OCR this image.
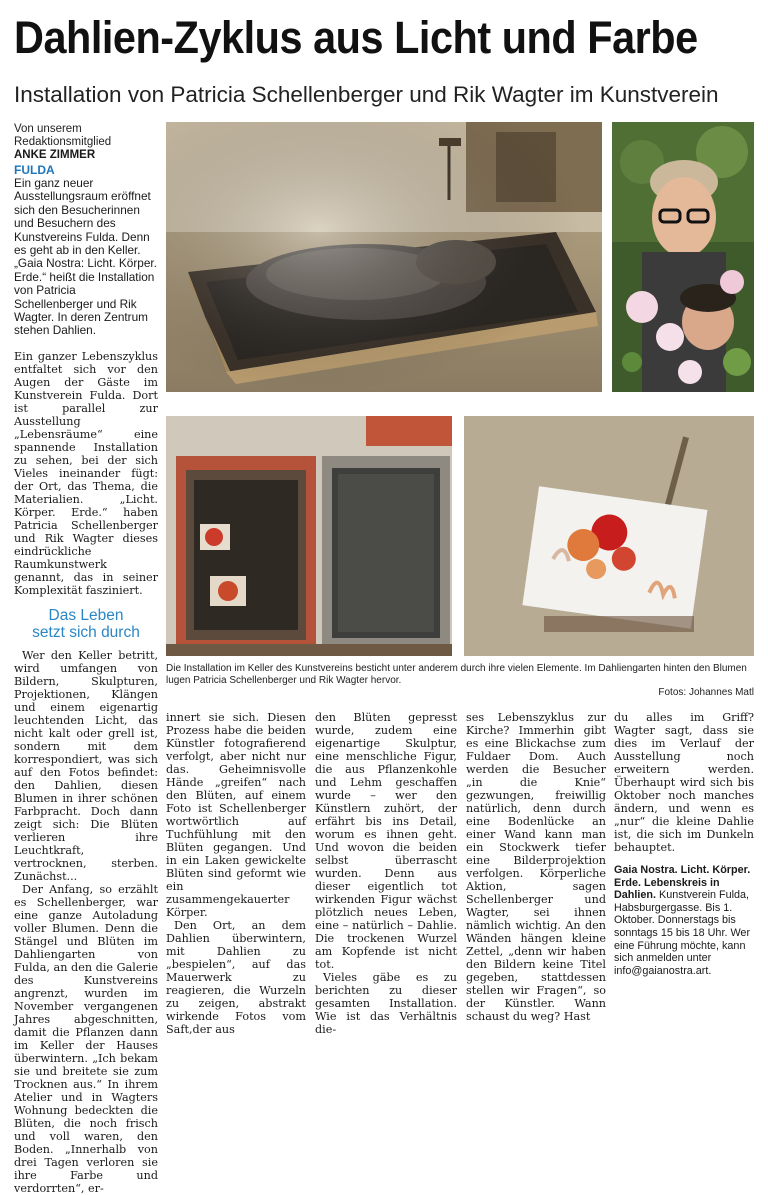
Dahlien-Zyklus aus Licht und Farbe
Installation von Patricia Schellenberger und Rik Wagter im Kunstverein
Von unserem
Redaktionsmitglied
ANKE ZIMMER
FULDA

Ein ganz neuer Ausstellungsraum eröffnet sich den Besucherinnen und Besuchern des Kunstvereins Fulda. Denn es geht ab in den Keller. „Gaia Nostra: Licht. Körper. Erde.“ heißt die Installation von Patricia Schellenberger und Rik Wagter. In deren Zentrum stehen Dahlien.

Ein ganzer Lebenszyklus entfaltet sich vor den Augen der Gäste im Kunstverein Fulda. Dort ist parallel zur Ausstellung „Lebensräume“ eine spannende Installation zu sehen, bei der sich Vieles ineinander fügt: der Ort, das Thema, die Materialien. „Licht. Körper. Erde.“ haben Patricia Schellenberger und Rik Wagter dieses eindrückliche Raumkunstwerk genannt, das in seiner Komplexität fasziniert.

Das Leben
setzt sich durch

Wer den Keller betritt, wird umfangen von Bildern, Skulpturen, Projektionen, Klängen und einem eigenartig leuchtenden Licht, das nicht kalt oder grell ist, sondern mit dem korrespondiert, was sich auf den Fotos befindet: den Dahlien, diesen Blumen in ihrer schönen Farbpracht. Doch dann zeigt sich: Die Blüten verlieren ihre Leuchtkraft, vertrocknen, sterben. Zunächst...

Der Anfang, so erzählt es Schellenberger, war eine ganze Autoladung voller Blumen. Denn die Stängel und Blüten im Dahliengarten von Fulda, an den die Galerie des Kunstvereins angrenzt, wurden im November vergangenen Jahres abgeschnitten, damit die Pflanzen dann im Keller der Hauses überwintern. „Ich bekam sie und breitete sie zum Trocknen aus.“ In ihrem Atelier und in Wagters Wohnung bedeckten die Blüten, die noch frisch und voll waren, den Boden. „Innerhalb von drei Tagen verloren sie ihre Farbe und verdorrten“, er-

Die Installation im Keller des Kunstvereins besticht unter anderem durch ihre vielen Elemente. Im Dahliengarten hinten den Blumen lugen Patricia Schellenberger und Rik Wagter hervor.
Fotos: Johannes Matl

innert sie sich. Diesen Prozess habe die beiden Künstler fotografierend verfolgt, aber nicht nur das. Geheimnisvolle Hände „greifen“ nach den Blüten, auf einem Foto ist Schellenberger wortwörtlich auf Tuchfühlung mit den Blüten gegangen. Und in ein Laken gewickelte Blüten sind geformt wie ein zusammengekauerter Körper.

Den Ort, an dem Dahlien überwintern, mit Dahlien zu „bespielen“, auf das Mauerwerk zu reagieren, die Wurzeln zu zeigen, abstrakt wirkende Fotos vom Saft,der aus

den Blüten gepresst wurde, zudem eine eigenartige Skulptur, eine menschliche Figur, die aus Pflanzenkohle und Lehm geschaffen wurde – wer den Künstlern zuhört, der erfährt bis ins Detail, worum es ihnen geht. Und wovon die beiden selbst überrascht wurden. Denn aus dieser eigentlich tot wirkenden Figur wächst plötzlich neues Leben, eine – natürlich – Dahlie. Die trockenen Wurzel am Kopfende ist nicht tot.

Vieles gäbe es zu berichten zu dieser gesamten Installation. Wie ist das Verhältnis die-

ses Lebenszyklus zur Kirche? Immerhin gibt es eine Blickachse zum Fuldaer Dom. Auch werden die Besucher „in die Knie“ gezwungen, freiwillig natürlich, denn durch eine Bodenlücke an einer Wand kann man ein Stockwerk tiefer eine Bilderprojektion verfolgen. Körperliche Aktion, sagen Schellenberger und Wagter, sei ihnen nämlich wichtig. An den Wänden hängen kleine Zettel, „denn wir haben den Bildern keine Titel gegeben, stattdessen stellen wir Fragen“, so der Künstler. Wann schaust du weg? Hast

du alles im Griff? Wagter sagt, dass sie dies im Verlauf der Ausstellung noch erweitern werden. Überhaupt wird sich bis Oktober noch manches ändern, und wenn es „nur“ die kleine Dahlie ist, die sich im Dunkeln behauptet.

Gaia Nostra. Licht. Körper. Erde. Lebenskreis in Dahlien. Kunstverein Fulda, Habsburgergasse. Bis 1. Oktober. Donnerstags bis sonntags 15 bis 18 Uhr. Wer eine Führung möchte, kann sich anmelden unter info@gaianostra.art.
